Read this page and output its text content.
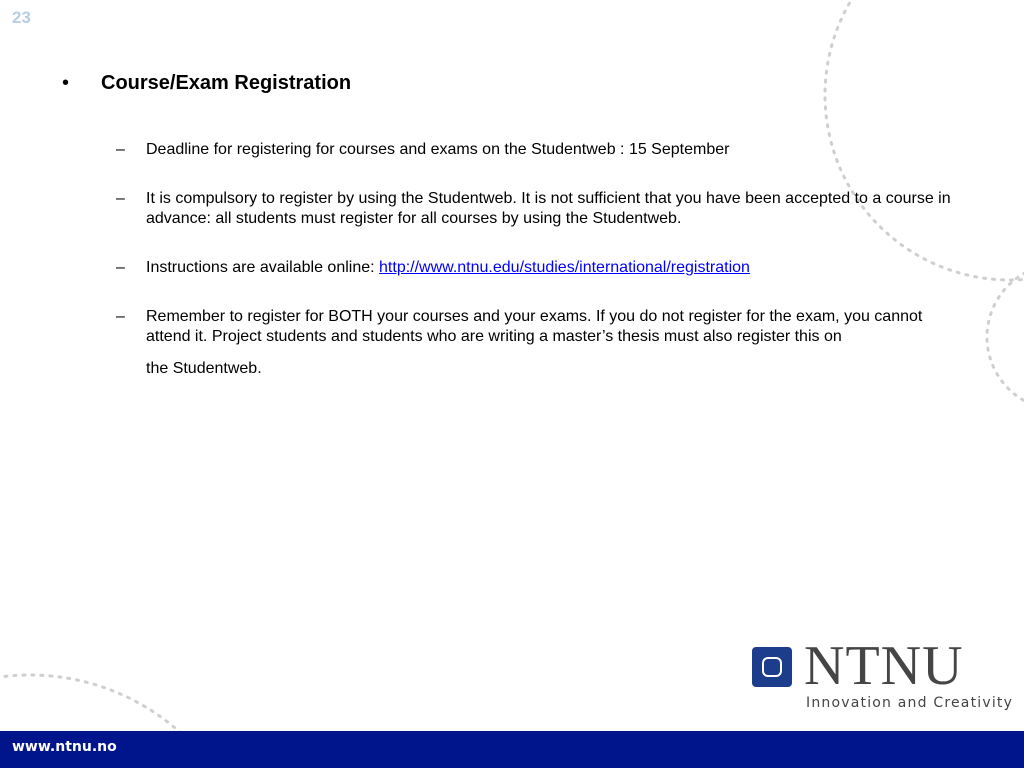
23
• Course/Exam Registration
– Deadline for registering for courses and exams on the Studentweb : 15 September
– It is compulsory to register by using the Studentweb. It is not sufficient that you have been accepted to a course in advance: all students must register for all courses by using the Studentweb.
– Instructions are available online: http://www.ntnu.edu/studies/international/registration
– Remember to register for BOTH your courses and your exams. If you do not register for the exam, you cannot attend it. Project students and students who are writing a master’s thesis must also register this on
the Studentweb.
NTNU
Innovation and Creativity
www.ntnu.no
